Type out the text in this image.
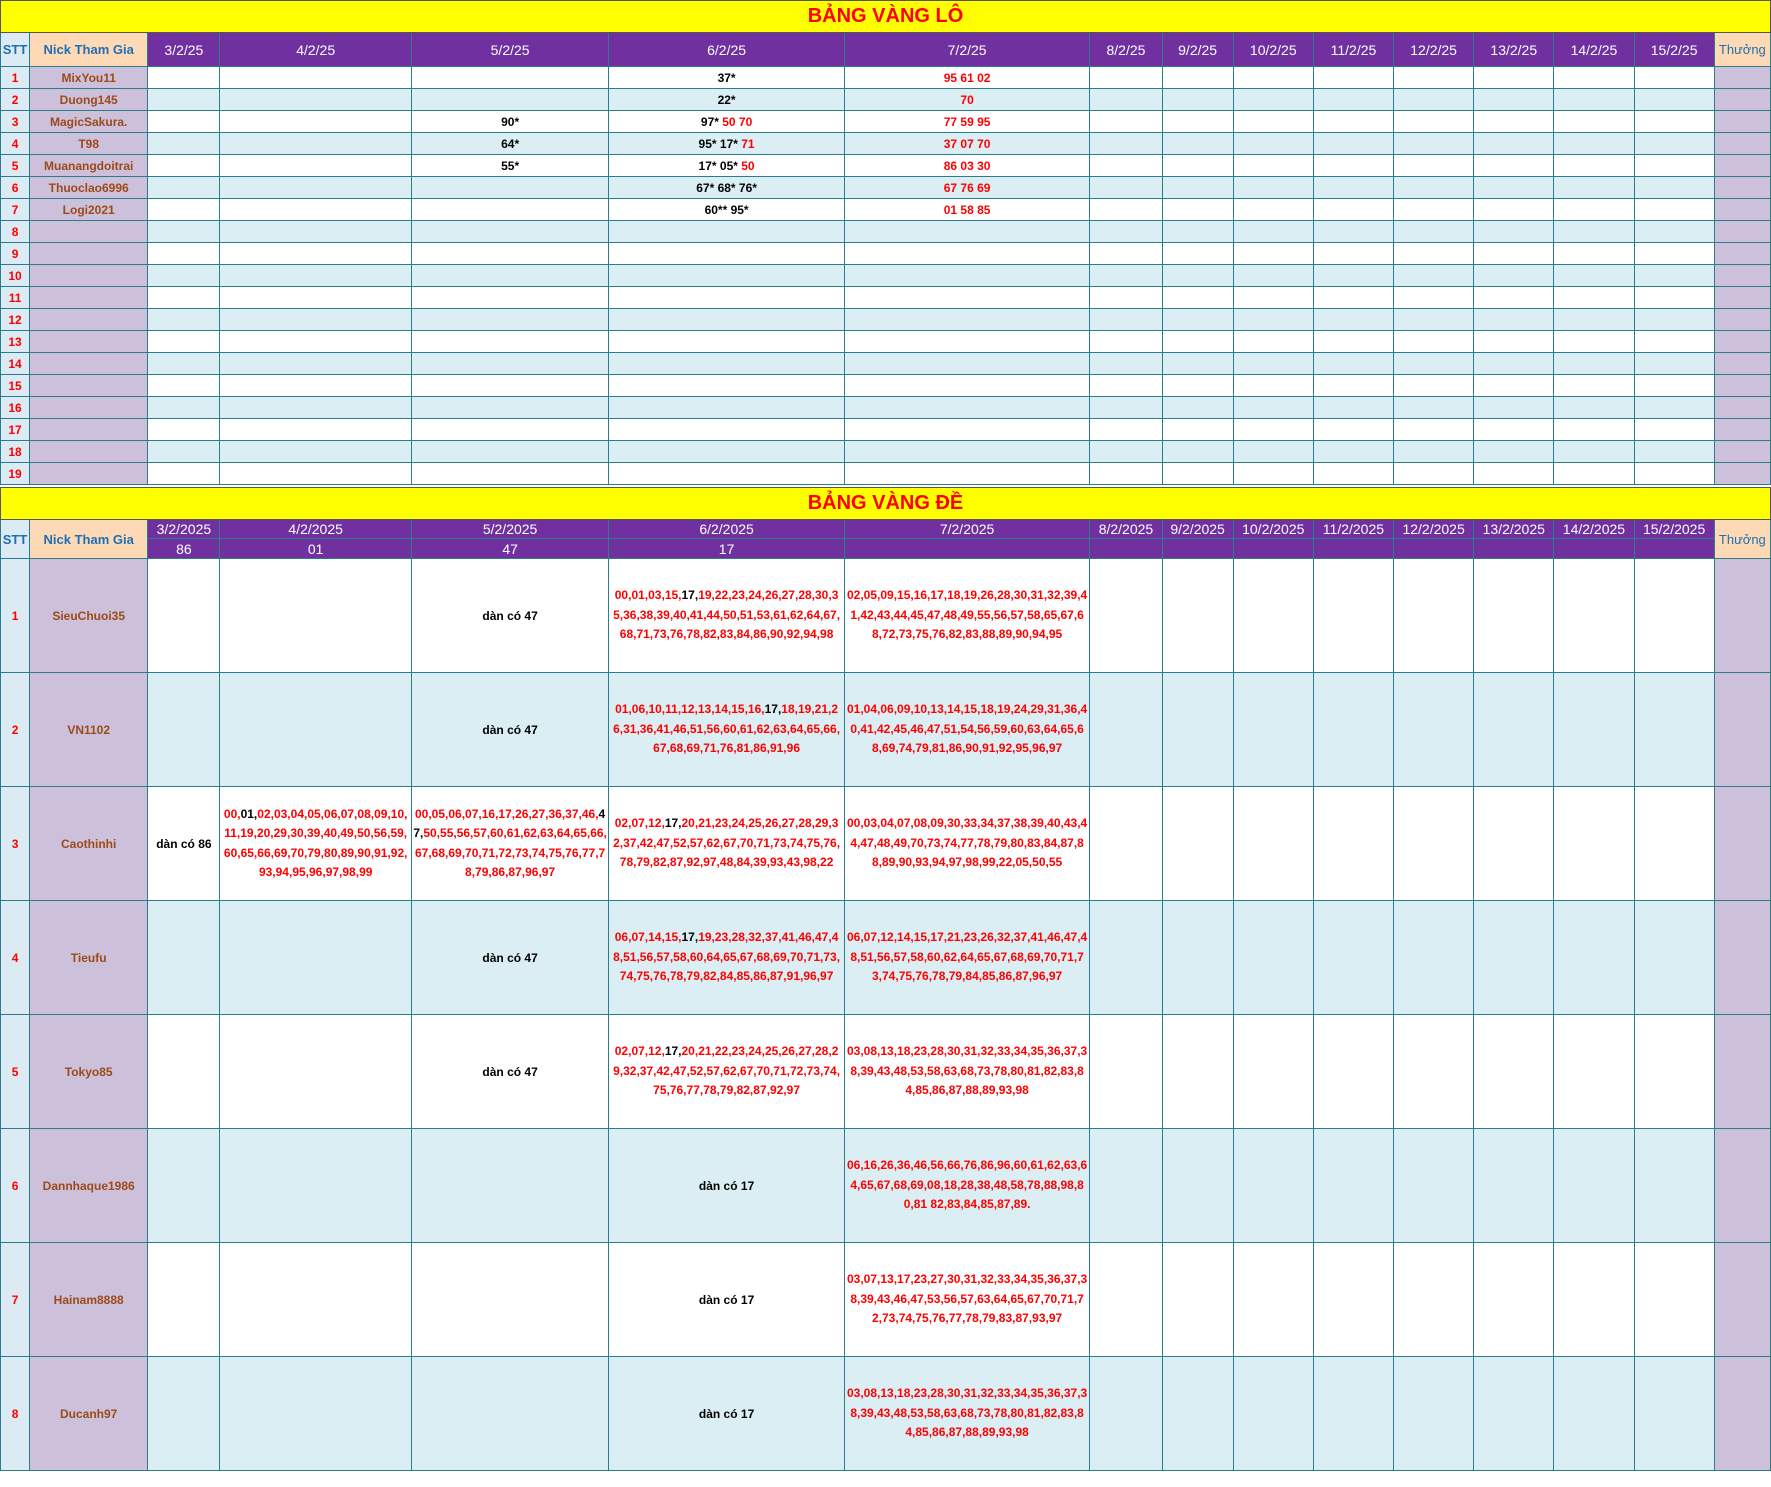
BẢNG VÀNG LÔ															
STT	Nick Tham Gia	3/2/25	4/2/25	5/2/25	6/2/25	7/2/25	8/2/25	9/2/25	10/2/25	11/2/25	12/2/25	13/2/25	14/2/25	15/2/25	Thưởng
1	MixYou11				37*	95 61 02									
2	Duong145				22*	70									
3	MagicSakura.			90*	97* 50 70	77 59 95									
4	T98			64*	95* 17* 71	37 07 70									
5	Muanangdoitrai			55*	17* 05* 50	86 03 30									
6	Thuoclao6996				67* 68* 76*	67 76 69									
7	Logi2021				60** 95*	01 58 85									
8															
9															
10															
11															
12															
13															
14															
15															
16															
17															
18															
19															
BẢNG VÀNG ĐỀ															
STT	Nick Tham Gia	3/2/2025	4/2/2025	5/2/2025	6/2/2025	7/2/2025	8/2/2025	9/2/2025	10/2/2025	11/2/2025	12/2/2025	13/2/2025	14/2/2025	15/2/2025	Thưởng
		86	01	47	17										
1	SieuChuoi35			dàn có 47	00,01,03,15,17,19,22,23,24,26,27,28,30,35,36,38,39,40,41,44,50,51,53,61,62,64,67,68,71,73,76,78,82,83,84,86,90,92,94,98	02,05,09,15,16,17,18,19,26,28,30,31,32,39,41,42,43,44,45,47,48,49,55,56,57,58,65,67,68,72,73,75,76,82,83,88,89,90,94,95									

2	VN1102			dàn có 47	01,06,10,11,12,13,14,15,16,17,18,19,21,26,31,36,41,46,51,56,60,61,62,63,64,65,66,67,68,69,71,76,81,86,91,96	01,04,06,09,10,13,14,15,18,19,24,29,31,36,40,41,42,45,46,47,51,54,56,59,60,63,64,65,68,69,74,79,81,86,90,91,92,95,96,97									

3	Caothinhi	dàn có 86	00,01,02,03,04,05,06,07,08,09,10,11,19,20,29,30,39,40,49,50,56,59,60,65,66,69,70,79,80,89,90,91,92,93,94,95,96,97,98,99	00,05,06,07,16,17,26,27,36,37,46,47,50,55,56,57,60,61,62,63,64,65,66,67,68,69,70,71,72,73,74,75,76,77,78,79,86,87,96,97	02,07,12,17,20,21,23,24,25,26,27,28,29,32,37,42,47,52,57,62,67,70,71,73,74,75,76,78,79,82,87,92,97,48,84,39,93,43,98,22	00,03,04,07,08,09,30,33,34,37,38,39,40,43,44,47,48,49,70,73,74,77,78,79,80,83,84,87,88,89,90,93,94,97,98,99,22,05,50,55									

4	Tieufu			dàn có 47	06,07,14,15,17,19,23,28,32,37,41,46,47,48,51,56,57,58,60,64,65,67,68,69,70,71,73,74,75,76,78,79,82,84,85,86,87,91,96,97	06,07,12,14,15,17,21,23,26,32,37,41,46,47,48,51,56,57,58,60,62,64,65,67,68,69,70,71,73,74,75,76,78,79,84,85,86,87,96,97									

5	Tokyo85			dàn có 47	02,07,12,17,20,21,22,23,24,25,26,27,28,29,32,37,42,47,52,57,62,67,70,71,72,73,74,75,76,77,78,79,82,87,92,97	03,08,13,18,23,28,30,31,32,33,34,35,36,37,38,39,43,48,53,58,63,68,73,78,80,81,82,83,84,85,86,87,88,89,93,98									

6	Dannhaque1986				dàn có 17	06,16,26,36,46,56,66,76,86,96,60,61,62,63,64,65,67,68,69,08,18,28,38,48,58,78,88,98,80,81 82,83,84,85,87,89.									

7	Hainam8888				dàn có 17	03,07,13,17,23,27,30,31,32,33,34,35,36,37,38,39,43,46,47,53,56,57,63,64,65,67,70,71,72,73,74,75,76,77,78,79,83,87,93,97									

8	Ducanh97				dàn có 17	03,08,13,18,23,28,30,31,32,33,34,35,36,37,38,39,43,48,53,58,63,68,73,78,80,81,82,83,84,85,86,87,88,89,93,98									
